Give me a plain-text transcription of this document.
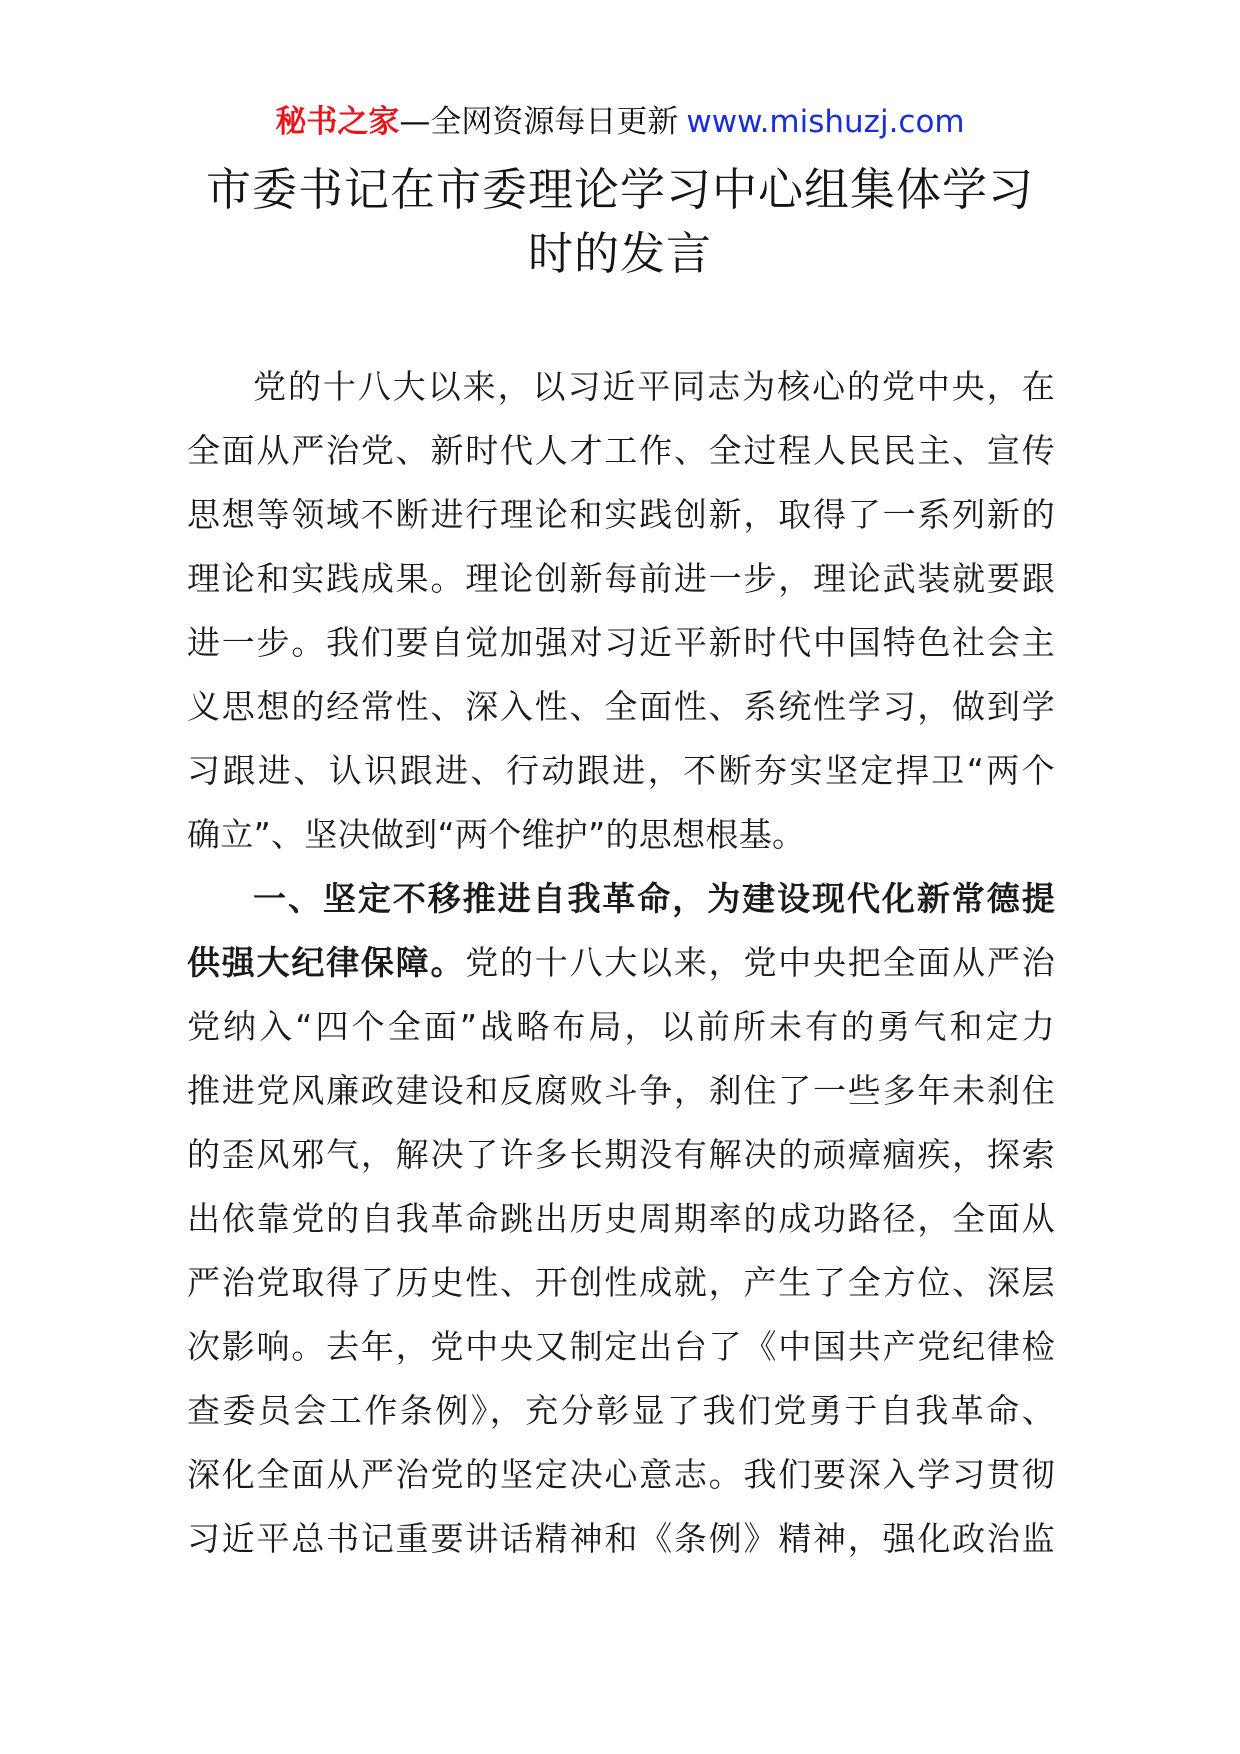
秘书之家—全网资源每日更新 www.mishuzj.com
市委书记在市委理论学习中心组集体学习
时的发言
党的十八大以来，以习近平同志为核心的党中央，在
全面从严治党、新时代人才工作、全过程人民民主、宣传
思想等领域不断进行理论和实践创新，取得了一系列新的
理论和实践成果。理论创新每前进一步，理论武装就要跟
进一步。我们要自觉加强对习近平新时代中国特色社会主
义思想的经常性、深入性、全面性、系统性学习，做到学
习跟进、认识跟进、行动跟进，不断夯实坚定捍卫“两个
确立”、坚决做到“两个维护”的思想根基。
一、坚定不移推进自我革命，为建设现代化新常德提
供强大纪律保障。党的十八大以来，党中央把全面从严治
党纳入“四个全面”战略布局，以前所未有的勇气和定力
推进党风廉政建设和反腐败斗争，刹住了一些多年未刹住
的歪风邪气，解决了许多长期没有解决的顽瘴痼疾，探索
出依靠党的自我革命跳出历史周期率的成功路径，全面从
严治党取得了历史性、开创性成就，产生了全方位、深层
次影响。去年，党中央又制定出台了《中国共产党纪律检
查委员会工作条例》，充分彰显了我们党勇于自我革命、
深化全面从严治党的坚定决心意志。我们要深入学习贯彻
习近平总书记重要讲话精神和《条例》精神，强化政治监
